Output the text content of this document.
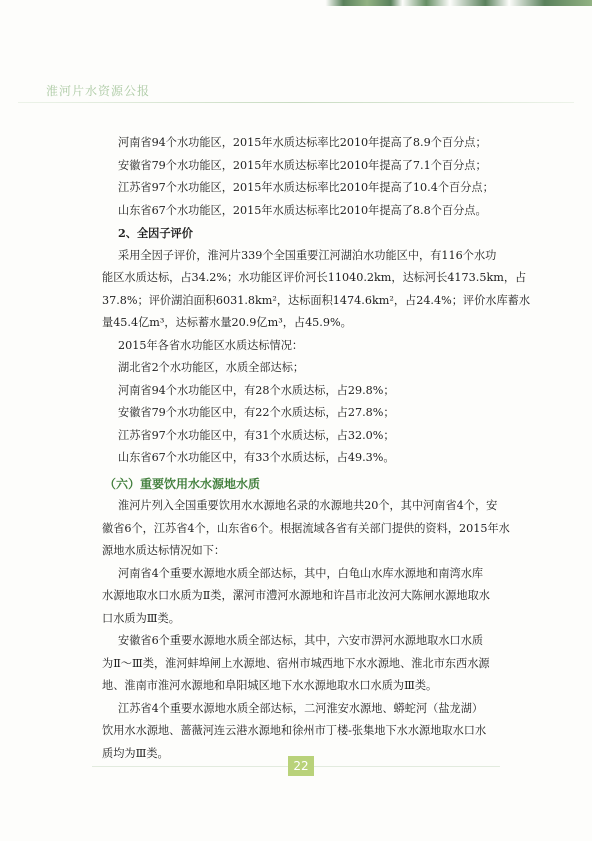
淮河片水资源公报

河南省94个水功能区，2015年水质达标率比2010年提高了8.9个百分点；

安徽省79个水功能区，2015年水质达标率比2010年提高了7.1个百分点；

江苏省97个水功能区，2015年水质达标率比2010年提高了10.4个百分点；

山东省67个水功能区，2015年水质达标率比2010年提高了8.8个百分点。

2、全因子评价

采用全因子评价，淮河片339个全国重要江河湖泊水功能区中，有116个水功

能区水质达标，占34.2%；水功能区评价河长11040.2km，达标河长4173.5km，占

37.8%；评价湖泊面积6031.8km²，达标面积1474.6km²，占24.4%；评价水库蓄水

量45.4亿m³，达标蓄水量20.9亿m³，占45.9%。

2015年各省水功能区水质达标情况：

湖北省2个水功能区，水质全部达标；

河南省94个水功能区中，有28个水质达标，占29.8%；

安徽省79个水功能区中，有22个水质达标，占27.8%；

江苏省97个水功能区中，有31个水质达标，占32.0%；

山东省67个水功能区中，有33个水质达标，占49.3%。

（六）重要饮用水水源地水质

淮河片列入全国重要饮用水水源地名录的水源地共20个，其中河南省4个，安

徽省6个，江苏省4个，山东省6个。根据流域各省有关部门提供的资料，2015年水

源地水质达标情况如下：

河南省4个重要水源地水质全部达标，其中，白龟山水库水源地和南湾水库

水源地取水口水质为Ⅱ类，漯河市澧河水源地和许昌市北汝河大陈闸水源地取水

口水质为Ⅲ类。

安徽省6个重要水源地水质全部达标，其中，六安市淠河水源地取水口水质

为Ⅱ～Ⅲ类，淮河蚌埠闸上水源地、宿州市城西地下水水源地、淮北市东西水源

地、淮南市淮河水源地和阜阳城区地下水水源地取水口水质为Ⅲ类。

江苏省4个重要水源地水质全部达标，二河淮安水源地、蟒蛇河（盐龙湖）

饮用水水源地、蔷薇河连云港水源地和徐州市丁楼-张集地下水水源地取水口水

质均为Ⅲ类。

22
